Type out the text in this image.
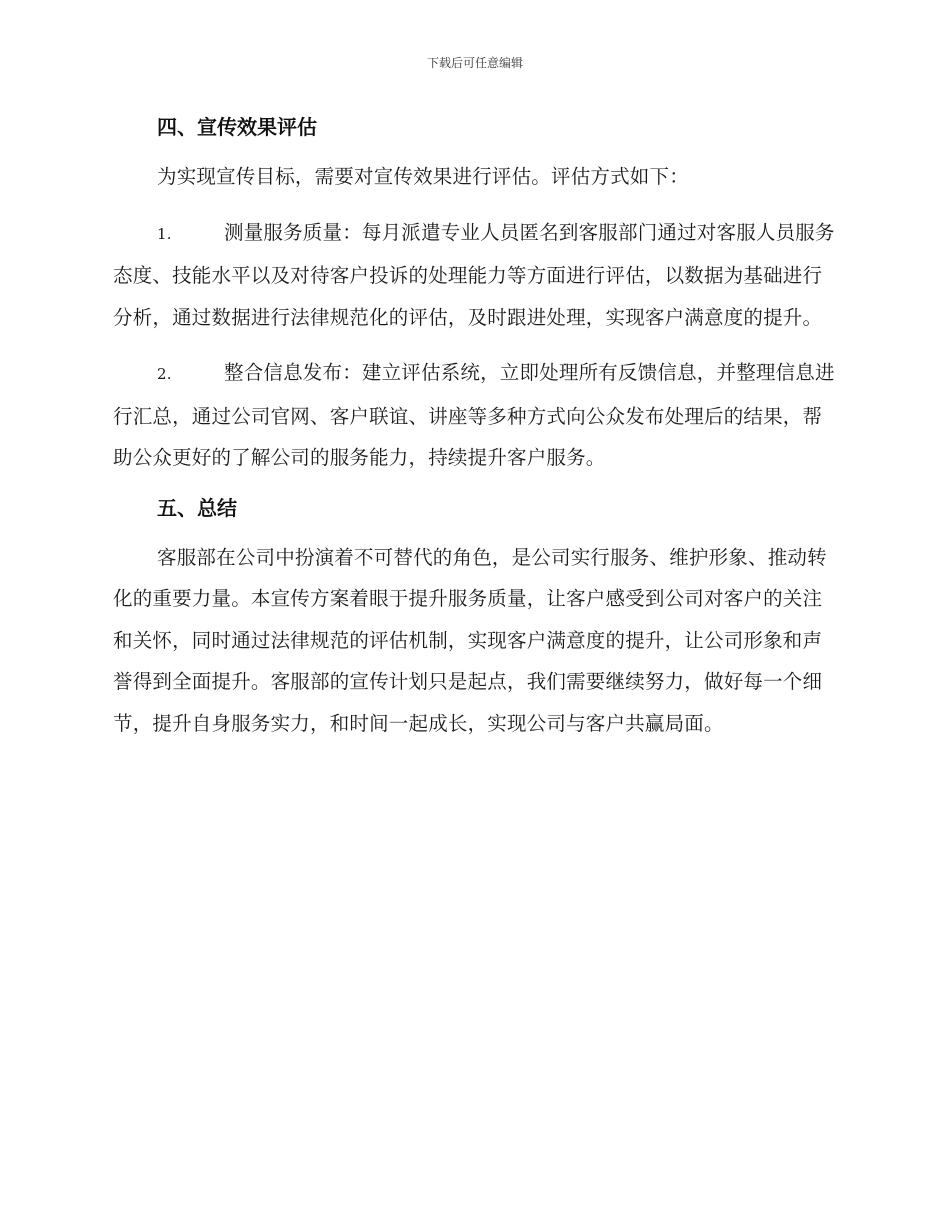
下载后可任意编辑
四、宣传效果评估

为实现宣传目标，需要对宣传效果进行评估。评估方式如下：

1.	测量服务质量：每月派遣专业人员匿名到客服部门通过对客服人员服务态度、技能水平以及对待客户投诉的处理能力等方面进行评估，以数据为基础进行分析，通过数据进行法律规范化的评估，及时跟进处理，实现客户满意度的提升。

2.	整合信息发布：建立评估系统，立即处理所有反馈信息，并整理信息进行汇总，通过公司官网、客户联谊、讲座等多种方式向公众发布处理后的结果，帮助公众更好的了解公司的服务能力，持续提升客户服务。

五、总结

客服部在公司中扮演着不可替代的角色，是公司实行服务、维护形象、推动转化的重要力量。本宣传方案着眼于提升服务质量，让客户感受到公司对客户的关注和关怀，同时通过法律规范的评估机制，实现客户满意度的提升，让公司形象和声誉得到全面提升。客服部的宣传计划只是起点，我们需要继续努力，做好每一个细节，提升自身服务实力，和时间一起成长，实现公司与客户共赢局面。
